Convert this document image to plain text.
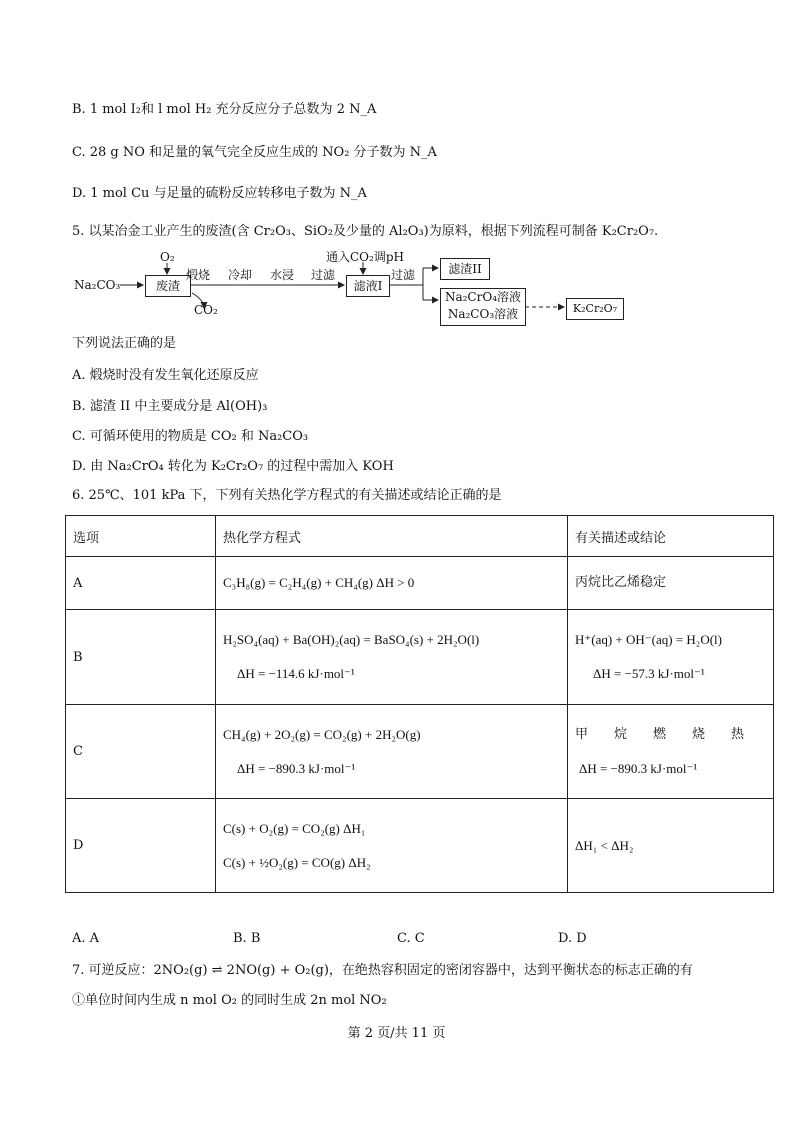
B. 1 mol I₂和 l mol H₂ 充分反应分子总数为 2 N_A
C. 28 g NO 和足量的氧气完全反应生成的 NO₂ 分子数为 N_A
D. 1 mol Cu 与足量的硫粉反应转移电子数为 N_A
5. 以某冶金工业产生的废渣(含 Cr₂O₃、SiO₂及少量的 Al₂O₃)为原料，根据下列流程可制备 K₂Cr₂O₇.
Na₂CO₃
O₂
废渣
CO₂
煅烧 冷却 水浸 过滤
通入CO₂调pH
滤液I
过滤	滤渣II
Na₂CrO₄溶液
Na₂CO₃溶液	K₂Cr₂O₇
下列说法正确的是
A. 煅烧时没有发生氧化还原反应
B. 滤渣 II 中主要成分是 Al(OH)₃
C. 可循环使用的物质是 CO₂ 和 Na₂CO₃
D. 由 Na₂CrO₄ 转化为 K₂Cr₂O₇ 的过程中需加入 KOH
6. 25℃、101 kPa 下，下列有关热化学方程式的有关描述或结论正确的是
选项	热化学方程式	有关描述或结论
A	C₃H₈(g) = C₂H₄(g) + CH₄(g) ΔH > 0	丙烷比乙烯稳定

B	H₂SO₄(aq) + Ba(OH)₂(aq) = BaSO₄(s) + 2H₂O(l)
ΔH = −114.6 kJ·mol⁻¹	H⁺(aq) + OH⁻(aq) = H₂O(l)
ΔH = −57.3 kJ·mol⁻¹

C	CH₄(g) + 2O₂(g) = CO₂(g) + 2H₂O(g)
ΔH = −890.3 kJ·mol⁻¹	甲　　烷　　燃　　烧　　热
ΔH = −890.3 kJ·mol⁻¹

D	C(s) + O₂(g) = CO₂(g) ΔH₁
C(s) + ½O₂(g) = CO(g) ΔH₂	ΔH₁ < ΔH₂
A. A	B. B	C. C	D. D
7. 可逆反应：2NO₂(g) ⇌ 2NO(g) + O₂(g)，在绝热容积固定的密闭容器中，达到平衡状态的标志正确的有
①单位时间内生成 n mol O₂ 的同时生成 2n mol NO₂
第 2 页/共 11 页
